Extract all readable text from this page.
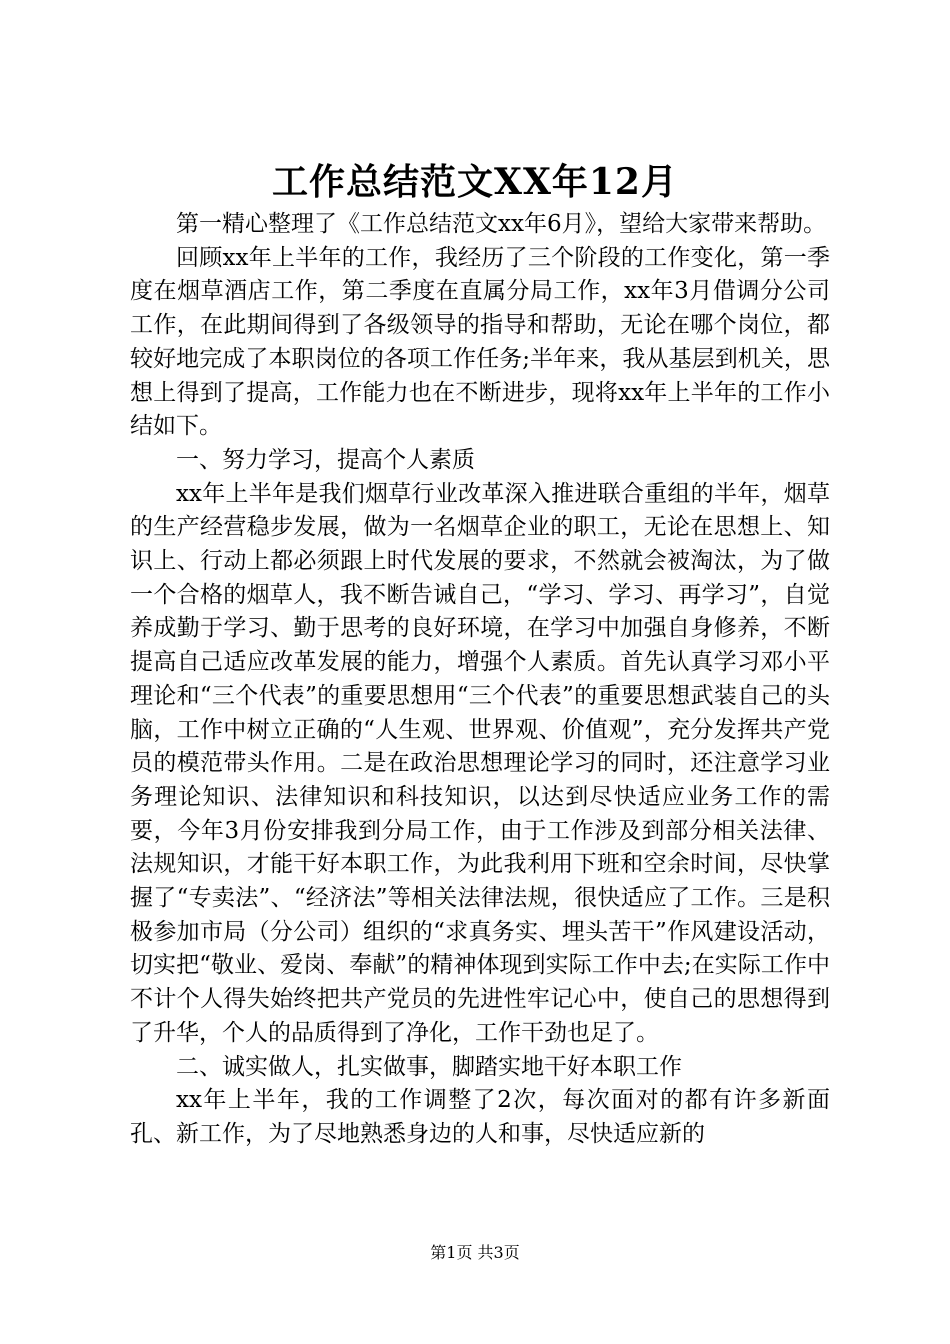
工作总结范文XX年12月

第一精心整理了《工作总结范文xx年6月》，望给大家带来帮助。

回顾xx年上半年的工作，我经历了三个阶段的工作变化，第一季度在烟草酒店工作，第二季度在直属分局工作，xx年3月借调分公司工作，在此期间得到了各级领导的指导和帮助，无论在哪个岗位，都较好地完成了本职岗位的各项工作任务;半年来，我从基层到机关，思想上得到了提高，工作能力也在不断进步，现将xx年上半年的工作小结如下。

一、努力学习，提高个人素质

xx年上半年是我们烟草行业改革深入推进联合重组的半年，烟草的生产经营稳步发展，做为一名烟草企业的职工，无论在思想上、知识上、行动上都必须跟上时代发展的要求，不然就会被淘汰，为了做一个合格的烟草人，我不断告诫自己，“学习、学习、再学习”，自觉养成勤于学习、勤于思考的良好环境，在学习中加强自身修养，不断提高自己适应改革发展的能力，增强个人素质。首先认真学习邓小平理论和“三个代表”的重要思想用“三个代表”的重要思想武装自己的头脑，工作中树立正确的“人生观、世界观、价值观”，充分发挥共产党员的模范带头作用。二是在政治思想理论学习的同时，还注意学习业务理论知识、法律知识和科技知识，以达到尽快适应业务工作的需要，今年3月份安排我到分局工作，由于工作涉及到部分相关法律、法规知识，才能干好本职工作，为此我利用下班和空余时间，尽快掌握了“专卖法”、“经济法”等相关法律法规，很快适应了工作。三是积极参加市局（分公司）组织的“求真务实、埋头苦干”作风建设活动，切实把“敬业、爱岗、奉献”的精神体现到实际工作中去;在实际工作中不计个人得失始终把共产党员的先进性牢记心中，使自己的思想得到了升华，个人的品质得到了净化，工作干劲也足了。

二、诚实做人，扎实做事，脚踏实地干好本职工作

xx年上半年，我的工作调整了2次，每次面对的都有许多新面孔、新工作，为了尽地熟悉身边的人和事，尽快适应新的

第1页 共3页
